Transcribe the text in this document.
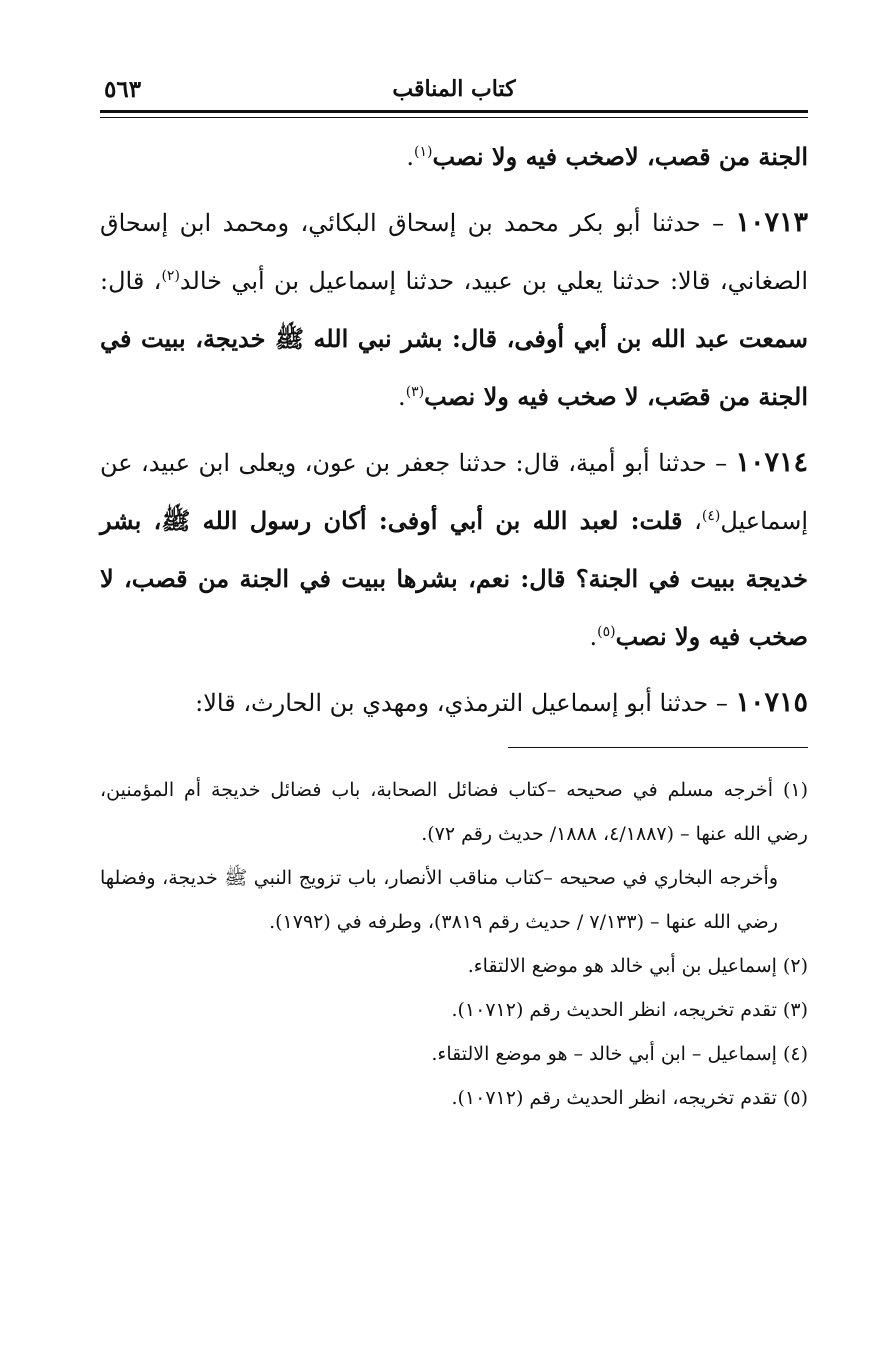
كتاب المناقب
٥٦٣

الجنة من قصب، لاصخب فيه ولا نصب$^{(١)}$.

١٠٧١٣ – حدثنا أبو بكر محمد بن إسحاق البكائي، ومحمد ابن إسحاق الصغاني، قالا: حدثنا يعلي بن عبيد، حدثنا إسماعيل بن أبي خالد$^{(٢)}$، قال: سمعت عبد الله بن أبي أوفى، قال: بشر نبي الله ﷺ خديجة، ببيت في الجنة من قصَب، لا صخب فيه ولا نصب$^{(٣)}$.

١٠٧١٤ – حدثنا أبو أمية، قال: حدثنا جعفر بن عون، ويعلى ابن عبيد، عن إسماعيل$^{(٤)}$، قلت: لعبد الله بن أبي أوفى: أكان رسول الله ﷺ، بشر خديجة ببيت في الجنة؟ قال: نعم، بشرها ببيت في الجنة من قصب، لا صخب فيه ولا نصب$^{(٥)}$.

١٠٧١٥ – حدثنا أبو إسماعيل الترمذي، ومهدي بن الحارث، قالا:

(١) أخرجه مسلم في صحيحه –كتاب فضائل الصحابة، باب فضائل خديجة أم المؤمنين، رضي الله عنها – (٤/١٨٨٧، ١٨٨٨/ حديث رقم ٧٢).

وأخرجه البخاري في صحيحه –كتاب مناقب الأنصار، باب تزويج النبي ﷺ خديجة، وفضلها رضي الله عنها – (٧/١٣٣ / حديث رقم ٣٨١٩)، وطرفه في (١٧٩٢).

(٢) إسماعيل بن أبي خالد هو موضع الالتقاء.

(٣) تقدم تخريجه، انظر الحديث رقم (١٠٧١٢).

(٤) إسماعيل – ابن أبي خالد – هو موضع الالتقاء.

(٥) تقدم تخريجه، انظر الحديث رقم (١٠٧١٢).
